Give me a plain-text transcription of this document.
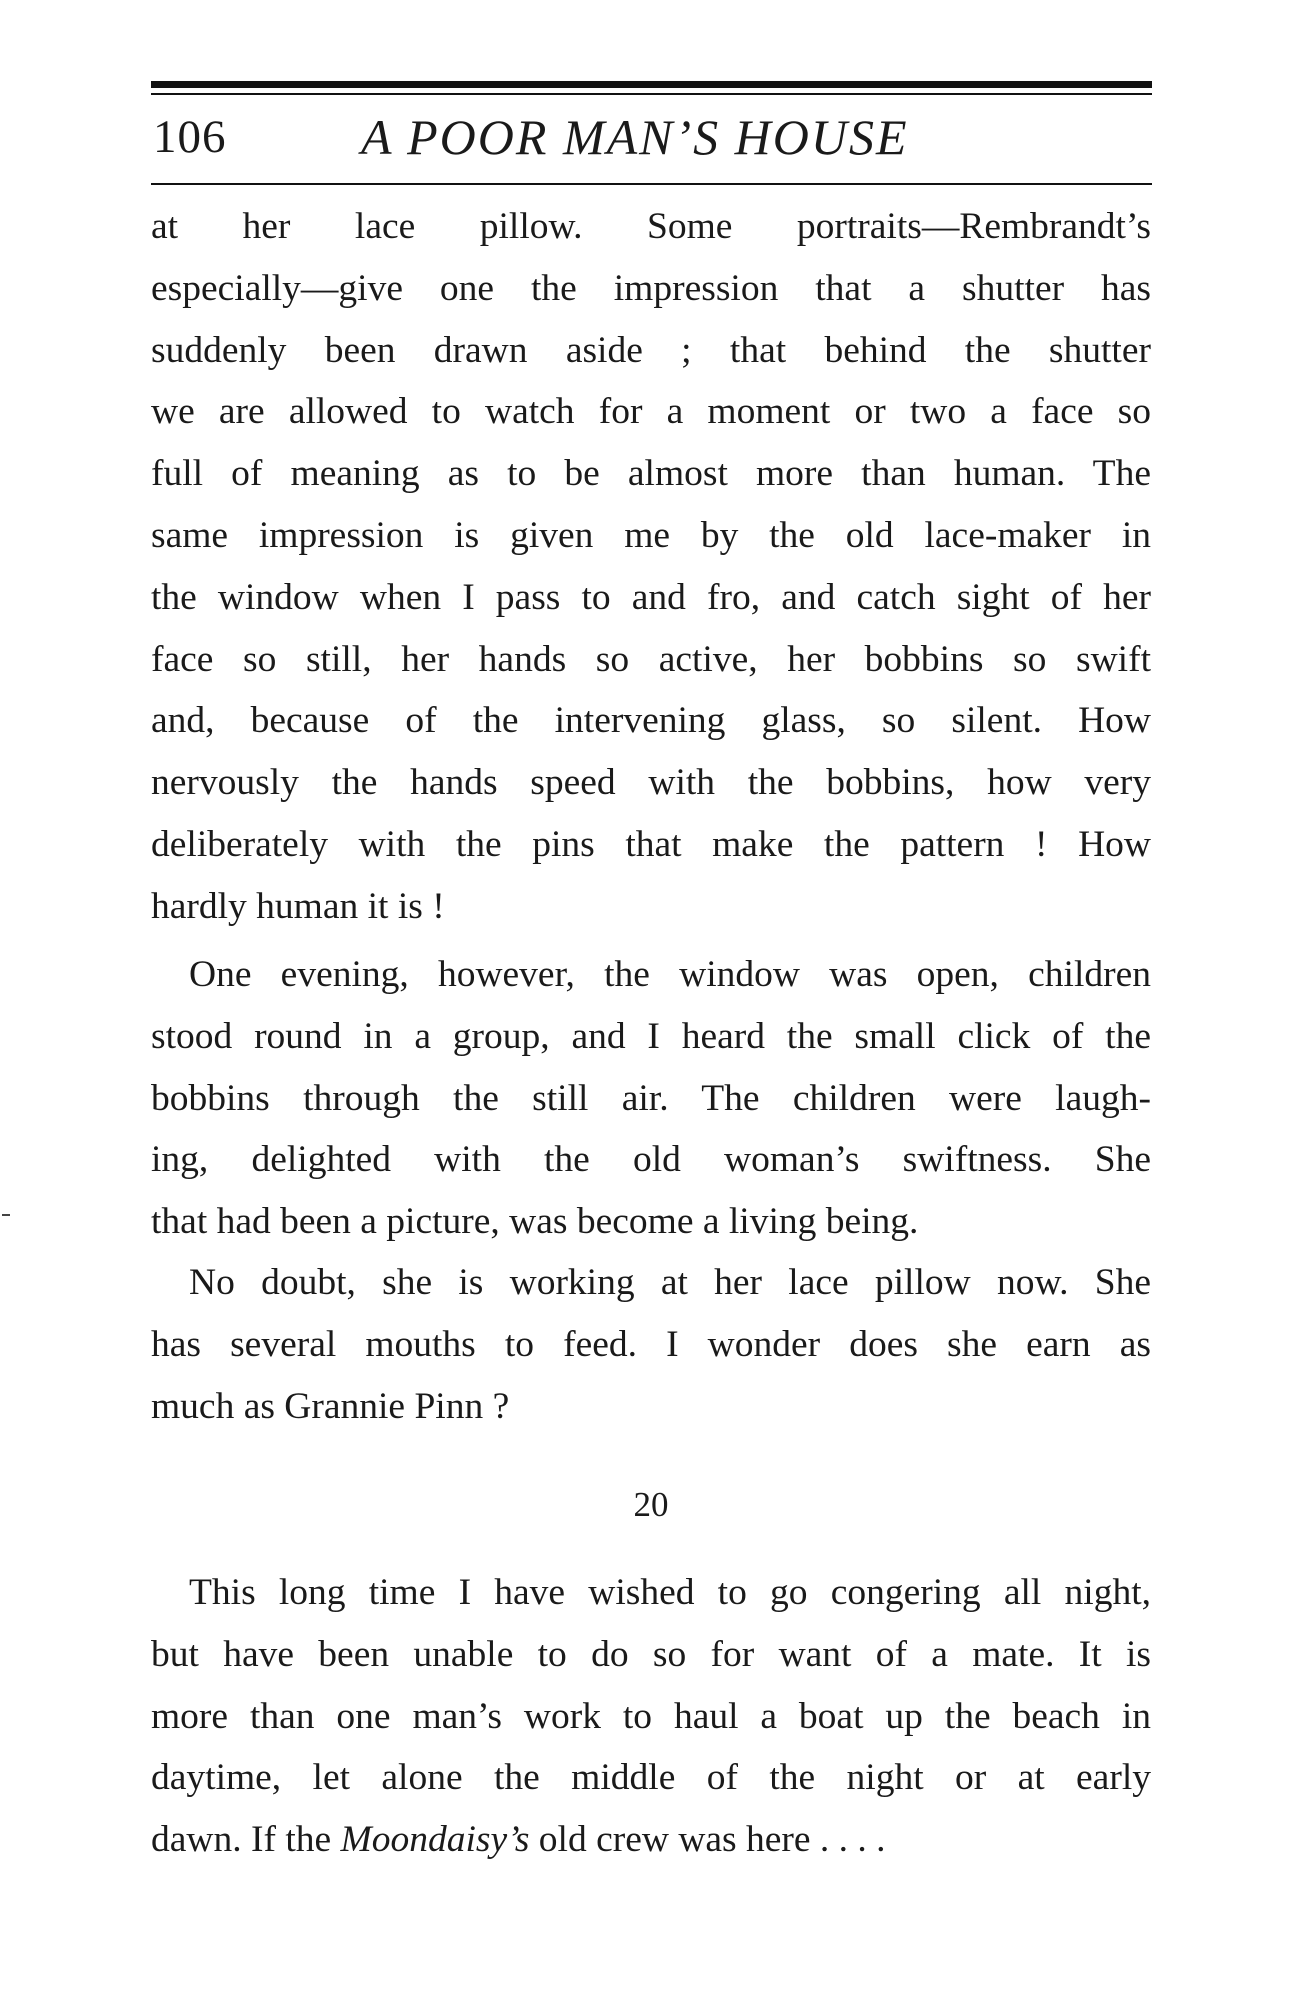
106	A POOR MAN’S HOUSE
at her lace pillow. Some portraits—Rembrandt’s
especially—give one the impression that a shutter has
suddenly been drawn aside ; that behind the shutter
we are allowed to watch for a moment or two a face so
full of meaning as to be almost more than human. The
same impression is given me by the old lace-maker in
the window when I pass to and fro, and catch sight of her
face so still, her hands so active, her bobbins so swift
and, because of the intervening glass, so silent. How
nervously the hands speed with the bobbins, how very
deliberately with the pins that make the pattern ! How
hardly human it is !
One evening, however, the window was open, children
stood round in a group, and I heard the small click of the
bobbins through the still air. The children were laugh-
ing, delighted with the old woman’s swiftness. She
that had been a picture, was become a living being.
No doubt, she is working at her lace pillow now. She
has several mouths to feed. I wonder does she earn as
much as Grannie Pinn ?
20
This long time I have wished to go congering all night,
but have been unable to do so for want of a mate. It is
more than one man’s work to haul a boat up the beach in
daytime, let alone the middle of the night or at early
dawn. If the Moondaisy’s old crew was here . . . .
